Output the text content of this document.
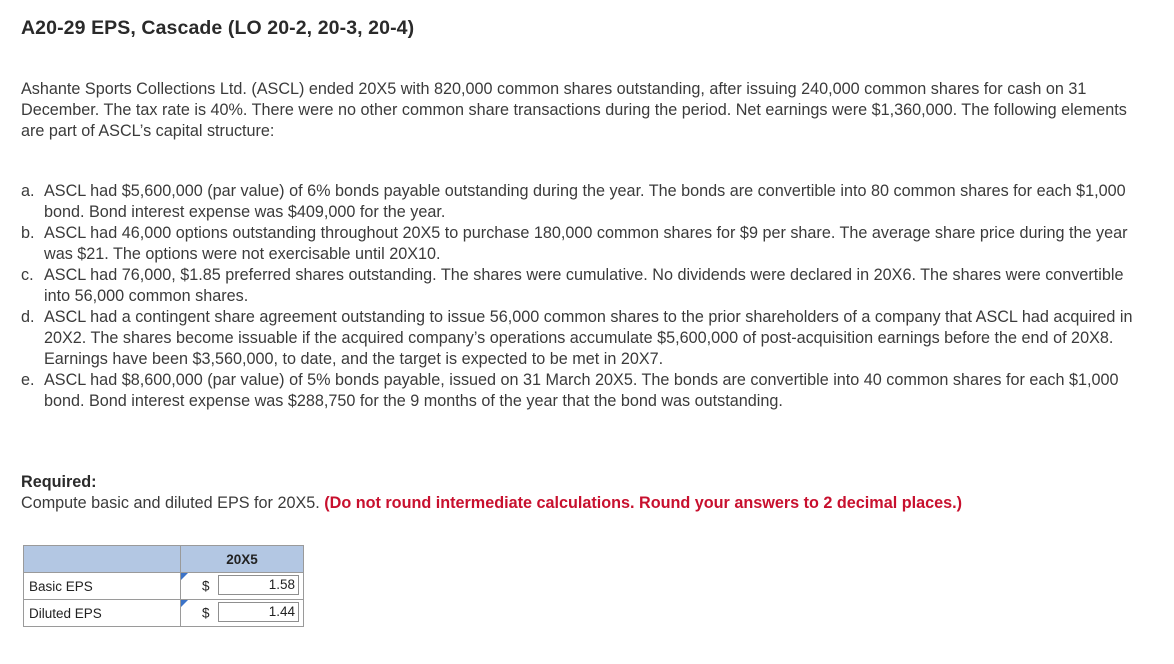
A20-29 EPS, Cascade (LO 20-2, 20-3, 20-4)
Ashante Sports Collections Ltd. (ASCL) ended 20X5 with 820,000 common shares outstanding, after issuing 240,000 common shares for cash on 31 December. The tax rate is 40%. There were no other common share transactions during the period. Net earnings were $1,360,000. The following elements are part of ASCL’s capital structure:
a. ASCL had $5,600,000 (par value) of 6% bonds payable outstanding during the year. The bonds are convertible into 80 common shares for each $1,000 bond. Bond interest expense was $409,000 for the year.
b. ASCL had 46,000 options outstanding throughout 20X5 to purchase 180,000 common shares for $9 per share. The average share price during the year was $21. The options were not exercisable until 20X10.
c. ASCL had 76,000, $1.85 preferred shares outstanding. The shares were cumulative. No dividends were declared in 20X6. The shares were convertible into 56,000 common shares.
d. ASCL had a contingent share agreement outstanding to issue 56,000 common shares to the prior shareholders of a company that ASCL had acquired in 20X2. The shares become issuable if the acquired company’s operations accumulate $5,600,000 of post-acquisition earnings before the end of 20X8. Earnings have been $3,560,000, to date, and the target is expected to be met in 20X7.
e. ASCL had $8,600,000 (par value) of 5% bonds payable, issued on 31 March 20X5. The bonds are convertible into 40 common shares for each $1,000 bond. Bond interest expense was $288,750 for the 9 months of the year that the bond was outstanding.
Required:
Compute basic and diluted EPS for 20X5. (Do not round intermediate calculations. Round your answers to 2 decimal places.)
	20X5
Basic EPS	$ 1.58

Diluted EPS	$ 1.44
